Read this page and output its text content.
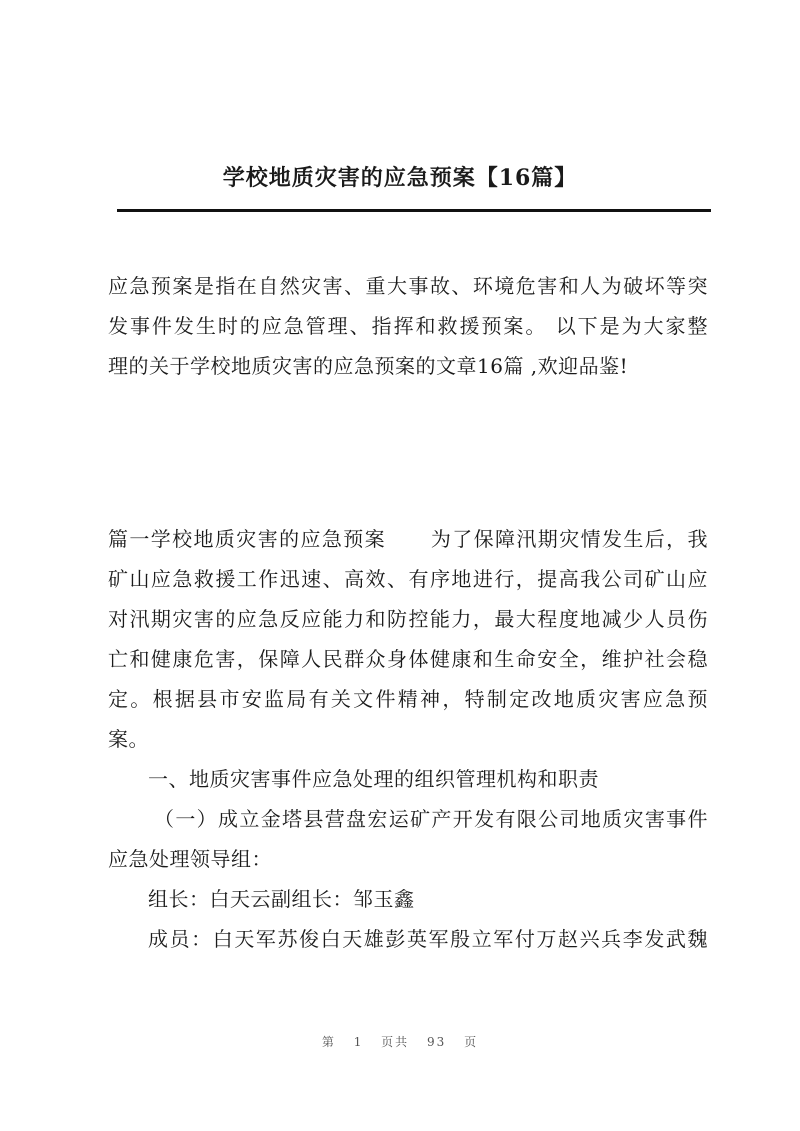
学校地质灾害的应急预案【16篇】
应急预案是指在自然灾害、重大事故、环境危害和人为破坏等突
发事件发生时的应急管理、指挥和救援预案。 以下是为大家整
理的关于学校地质灾害的应急预案的文章16篇 ,欢迎品鉴!
篇一学校地质灾害的应急预案 为了保障汛期灾情发生后，我
矿山应急救援工作迅速、高效、有序地进行，提高我公司矿山应
对汛期灾害的应急反应能力和防控能力，最大程度地减少人员伤
亡和健康危害，保障人民群众身体健康和生命安全，维护社会稳
定。根据县市安监局有关文件精神，特制定改地质灾害应急预
案。
一、地质灾害事件应急处理的组织管理机构和职责
（一）成立金塔县营盘宏运矿产开发有限公司地质灾害事件
应急处理领导组：
组长：白天云副组长：邹玉鑫
成员：白天军苏俊白天雄彭英军殷立军付万赵兴兵李发武魏
第 1 页共 93 页
